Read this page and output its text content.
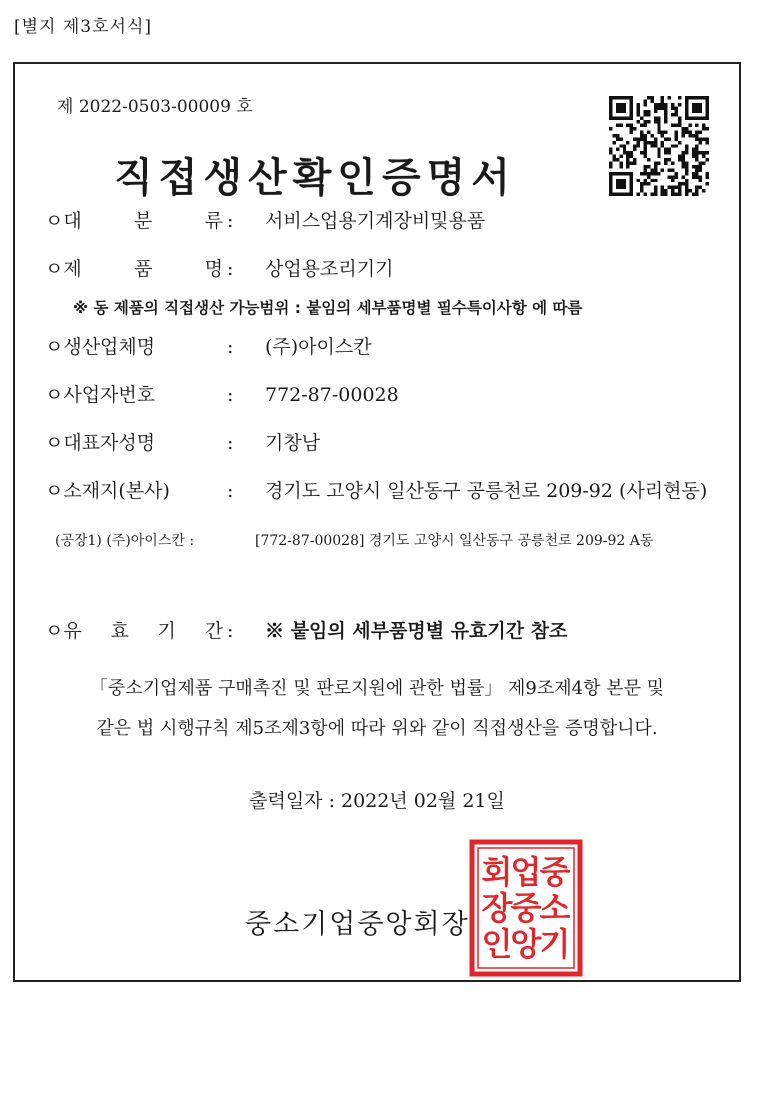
[별지 제3호서식]
제 2022-0503-00009 호
직접생산확인증명서
ㅇ대 분 류 : 서비스업용기계장비및용품
ㅇ제 품 명 : 상업용조리기기
※ 동 제품의 직접생산 가능범위 : 붙임의 세부품명별 필수특이사항 에 따름
ㅇ생산업체명	: (주)아이스칸
ㅇ사업자번호	: 772-87-00028
ㅇ대표자성명	: 기창남
ㅇ소재지(본사)	: 경기도 고양시 일산동구 공릉천로 209-92 (사리현동)
(공장1) (주)아이스칸 :	[772-87-00028] 경기도 고양시 일산동구 공릉천로 209-92 A동
ㅇ유 효 기 간 : ※ 붙임의 세부품명별 유효기간 참조
「중소기업제품 구매촉진 및 판로지원에 관한 법률」 제9조제4항 본문 및
같은 법 시행규칙 제5조제3항에 따라 위와 같이 직접생산을 증명합니다.
출력일자 : 2022년 02월 21일
중소기업중앙회장
중
소
기
업
중
앙
회
장
인
